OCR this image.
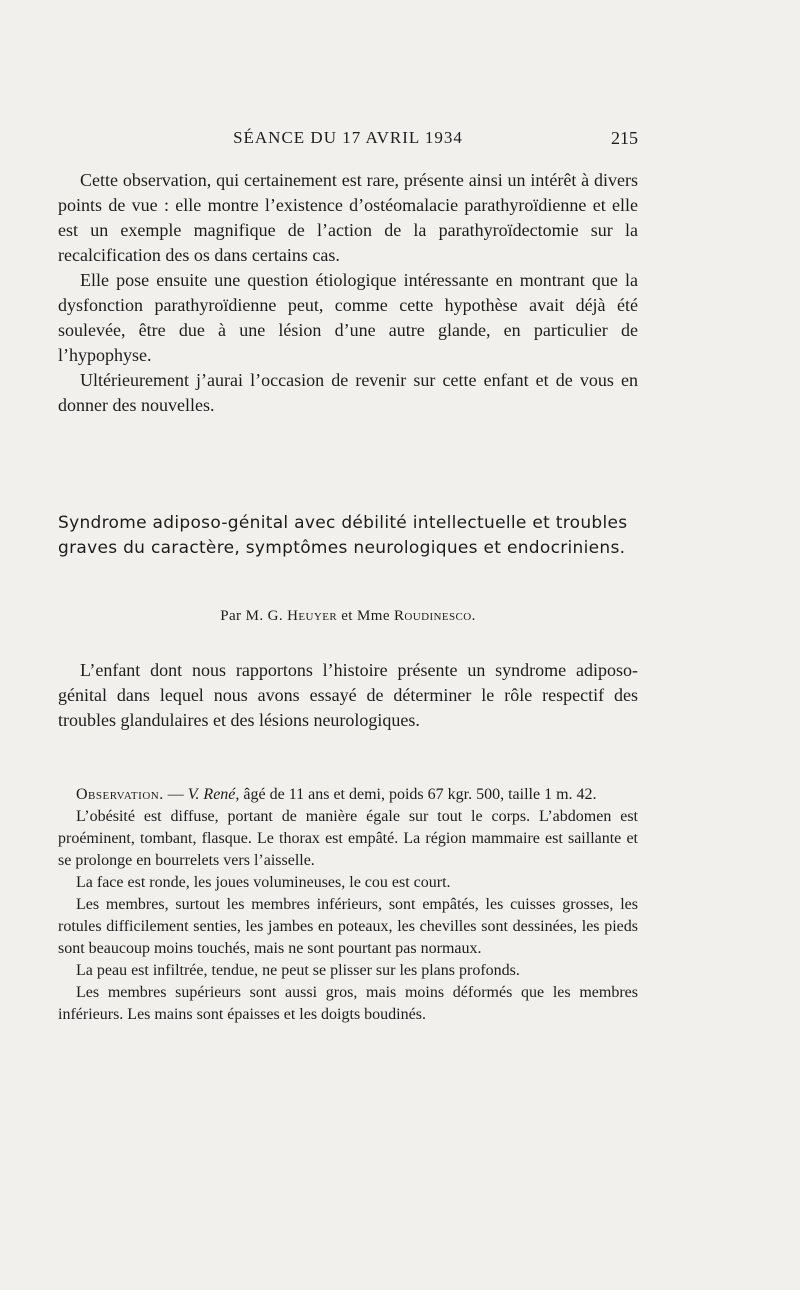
SÉANCE DU 17 AVRIL 1934	215

Cette observation, qui certainement est rare, présente ainsi un intérêt à divers points de vue : elle montre l’existence d’ostéomalacie parathyroïdienne et elle est un exemple magnifique de l’action de la parathyroïdectomie sur la recalcification des os dans certains cas.

Elle pose ensuite une question étiologique intéressante en montrant que la dysfonction parathyroïdienne peut, comme cette hypothèse avait déjà été soulevée, être due à une lésion d’une autre glande, en particulier de l’hypophyse.

Ultérieurement j’aurai l’occasion de revenir sur cette enfant et de vous en donner des nouvelles.

Syndrome adiposo-génital avec débilité intellectuelle et troubles graves du caractère, symptômes neurologiques et endocriniens.
Par M. G. Heuyer et Mme Roudinesco.

L’enfant dont nous rapportons l’histoire présente un syndrome adiposo-génital dans lequel nous avons essayé de déterminer le rôle respectif des troubles glandulaires et des lésions neurologiques.

Observation. — V. René, âgé de 11 ans et demi, poids 67 kgr. 500, taille 1 m. 42.

L’obésité est diffuse, portant de manière égale sur tout le corps. L’abdomen est proéminent, tombant, flasque. Le thorax est empâté. La région mammaire est saillante et se prolonge en bourrelets vers l’aisselle.

La face est ronde, les joues volumineuses, le cou est court.

Les membres, surtout les membres inférieurs, sont empâtés, les cuisses grosses, les rotules difficilement senties, les jambes en poteaux, les chevilles sont dessinées, les pieds sont beaucoup moins touchés, mais ne sont pourtant pas normaux.

La peau est infiltrée, tendue, ne peut se plisser sur les plans profonds.

Les membres supérieurs sont aussi gros, mais moins déformés que les membres inférieurs. Les mains sont épaisses et les doigts boudinés.
